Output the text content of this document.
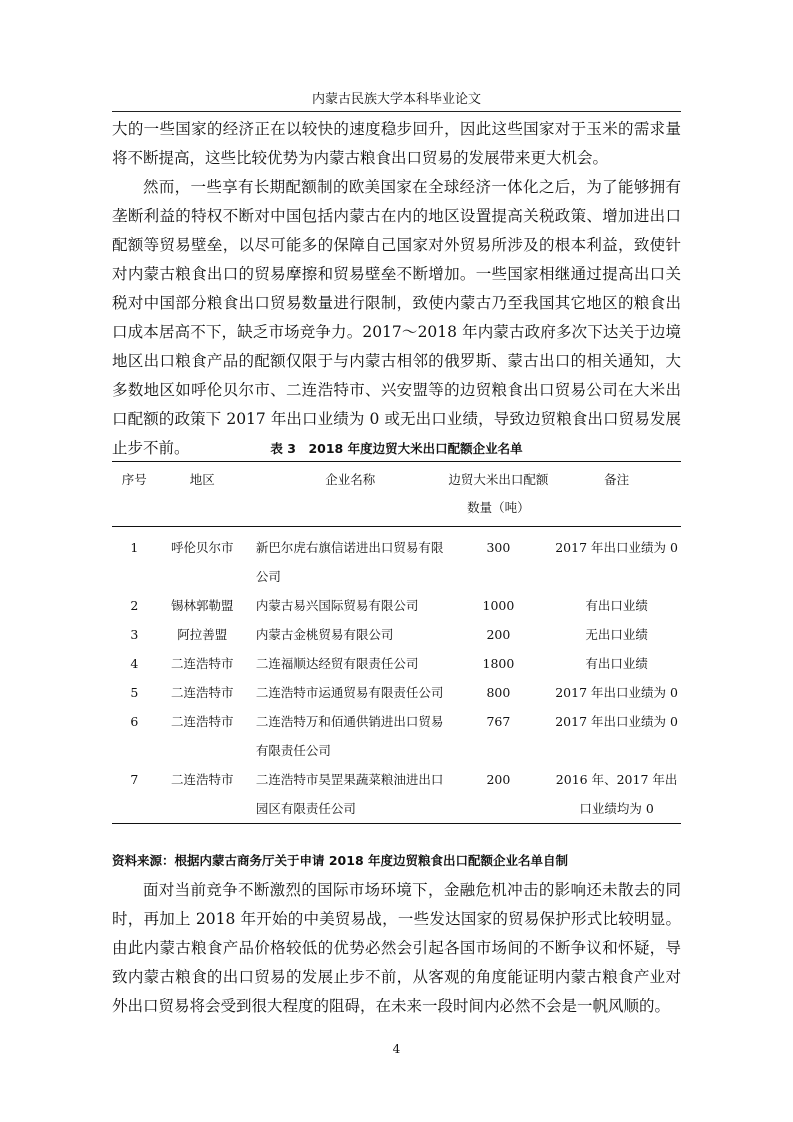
内蒙古民族大学本科毕业论文

大的一些国家的经济正在以较快的速度稳步回升，因此这些国家对于玉米的需求量将不断提高，这些比较优势为内蒙古粮食出口贸易的发展带来更大机会。

然而，一些享有长期配额制的欧美国家在全球经济一体化之后，为了能够拥有垄断利益的特权不断对中国包括内蒙古在内的地区设置提高关税政策、增加进出口配额等贸易壁垒，以尽可能多的保障自己国家对外贸易所涉及的根本利益，致使针对内蒙古粮食出口的贸易摩擦和贸易壁垒不断增加。一些国家相继通过提高出口关税对中国部分粮食出口贸易数量进行限制，致使内蒙古乃至我国其它地区的粮食出口成本居高不下，缺乏市场竞争力。2017～2018 年内蒙古政府多次下达关于边境地区出口粮食产品的配额仅限于与内蒙古相邻的俄罗斯、蒙古出口的相关通知，大多数地区如呼伦贝尔市、二连浩特市、兴安盟等的边贸粮食出口贸易公司在大米出口配额的政策下 2017 年出口业绩为 0 或无出口业绩，导致边贸粮食出口贸易发展止步不前。	表 3　2018 年度边贸大米出口配额企业名单
序号	地区	企业名称	边贸大米出口配额数量（吨）	备注
1	呼伦贝尔市	新巴尔虎右旗信诺进出口贸易有限公司	300	2017 年出口业绩为 0
2	锡林郭勒盟	内蒙古易兴国际贸易有限公司	1000	有出口业绩
3	阿拉善盟	内蒙古金桃贸易有限公司	200	无出口业绩
4	二连浩特市	二连福顺达经贸有限责任公司	1800	有出口业绩
5	二连浩特市	二连浩特市运通贸易有限责任公司	800	2017 年出口业绩为 0
6	二连浩特市	二连浩特万和佰通供销进出口贸易有限责任公司	767	2017 年出口业绩为 0
7	二连浩特市	二连浩特市昊罡果蔬菜粮油进出口园区有限责任公司	200	2016 年、2017 年出口业绩均为 0
资料来源：根据内蒙古商务厅关于申请 2018 年度边贸粮食出口配额企业名单自制

面对当前竞争不断激烈的国际市场环境下，金融危机冲击的影响还未散去的同时，再加上 2018 年开始的中美贸易战，一些发达国家的贸易保护形式比较明显。由此内蒙古粮食产品价格较低的优势必然会引起各国市场间的不断争议和怀疑，导致内蒙古粮食的出口贸易的发展止步不前，从客观的角度能证明内蒙古粮食产业对外出口贸易将会受到很大程度的阻碍，在未来一段时间内必然不会是一帆风顺的。

4
